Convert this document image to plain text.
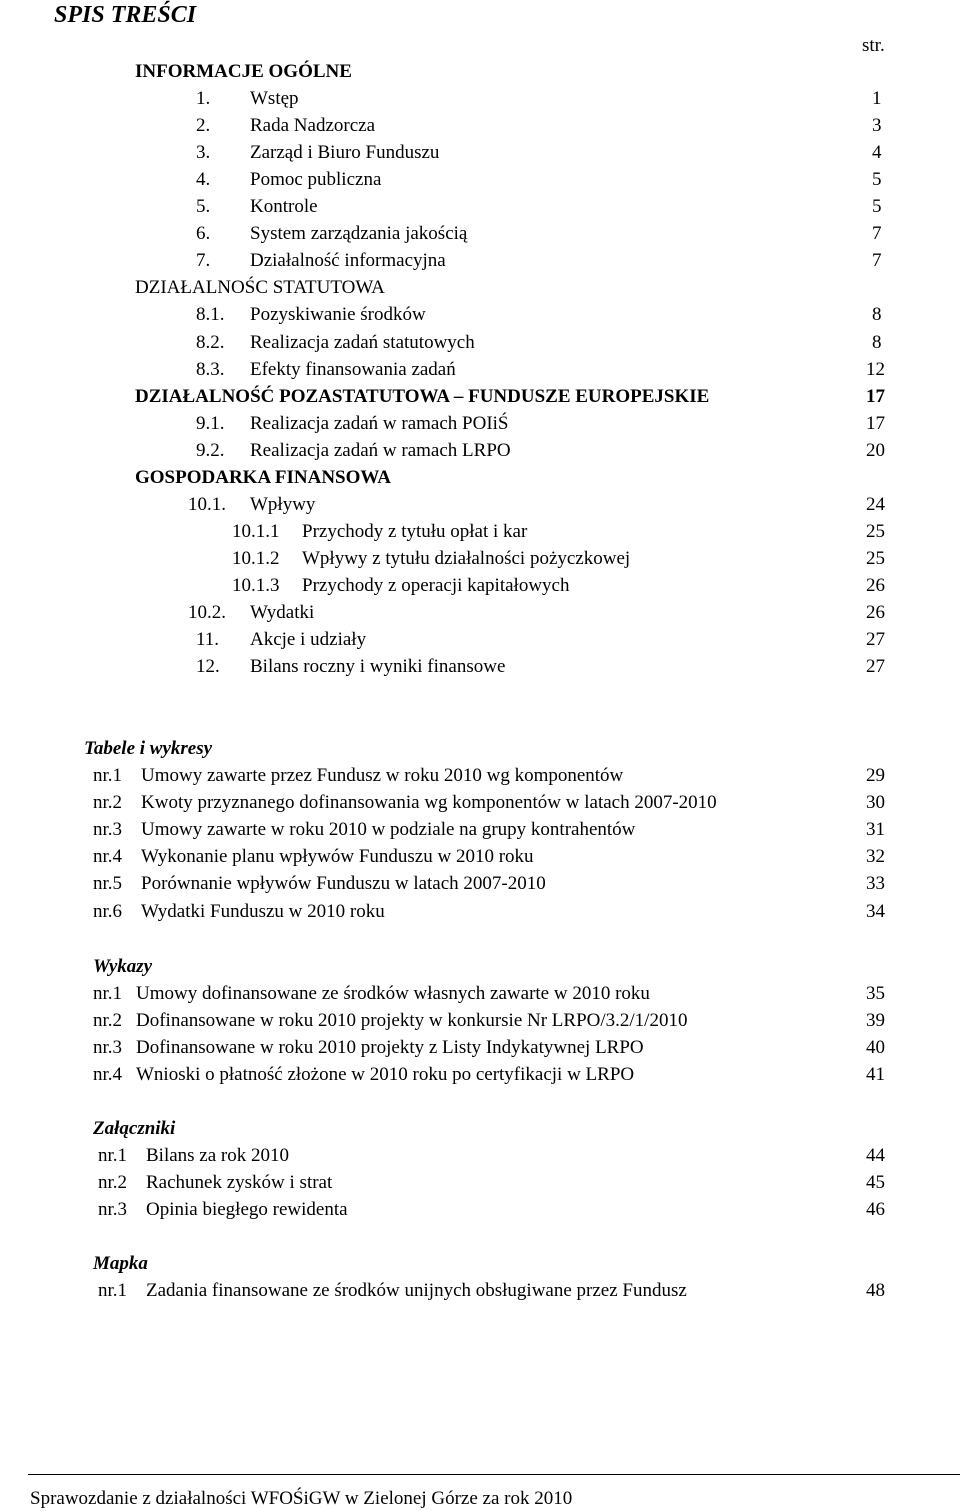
SPIS TREŚCI
str.
INFORMACJE OGÓLNE
1. Wstęp	1
2. Rada Nadzorcza	3
3. Zarząd i Biuro Funduszu	4
4. Pomoc publiczna	5
5. Kontrole	5
6. System zarządzania jakością	7
7. Działalność informacyjna	7
DZIAŁALNOŚC STATUTOWA
8.1. Pozyskiwanie środków	8
8.2. Realizacja zadań statutowych	8
8.3. Efekty finansowania zadań	12
DZIAŁALNOŚĆ POZASTATUTOWA – FUNDUSZE EUROPEJSKIE	17
9.1. Realizacja zadań w ramach POIiŚ	17
9.2. Realizacja zadań w ramach LRPO	20
GOSPODARKA FINANSOWA
10.1. Wpływy	24
10.1.1 Przychody z tytułu opłat i kar	25
10.1.2 Wpływy z tytułu działalności pożyczkowej	25
10.1.3 Przychody z operacji kapitałowych	26
10.2. Wydatki	26
11. Akcje i udziały	27
12. Bilans roczny i wyniki finansowe	27
Tabele i wykresy
nr.1 Umowy zawarte przez Fundusz w roku 2010 wg komponentów	29
nr.2 Kwoty przyznanego dofinansowania wg komponentów w latach 2007-2010	30
nr.3 Umowy zawarte w roku 2010 w podziale na grupy kontrahentów	31
nr.4 Wykonanie planu wpływów Funduszu w 2010 roku	32
nr.5 Porównanie wpływów Funduszu w latach 2007-2010	33
nr.6 Wydatki Funduszu w 2010 roku	34
Wykazy
nr.1 Umowy dofinansowane ze środków własnych zawarte w 2010 roku	35
nr.2 Dofinansowane w roku 2010 projekty w konkursie Nr LRPO/3.2/1/2010	39
nr.3 Dofinansowane w roku 2010 projekty z Listy Indykatywnej LRPO	40
nr.4 Wnioski o płatność złożone w 2010 roku po certyfikacji w LRPO	41
Załączniki
nr.1 Bilans za rok 2010	44
nr.2 Rachunek zysków i strat	45
nr.3 Opinia biegłego rewidenta	46
Mapka
nr.1 Zadania finansowane ze środków unijnych obsługiwane przez Fundusz	48
Sprawozdanie z działalności WFOŚiGW w Zielonej Górze za rok 2010
